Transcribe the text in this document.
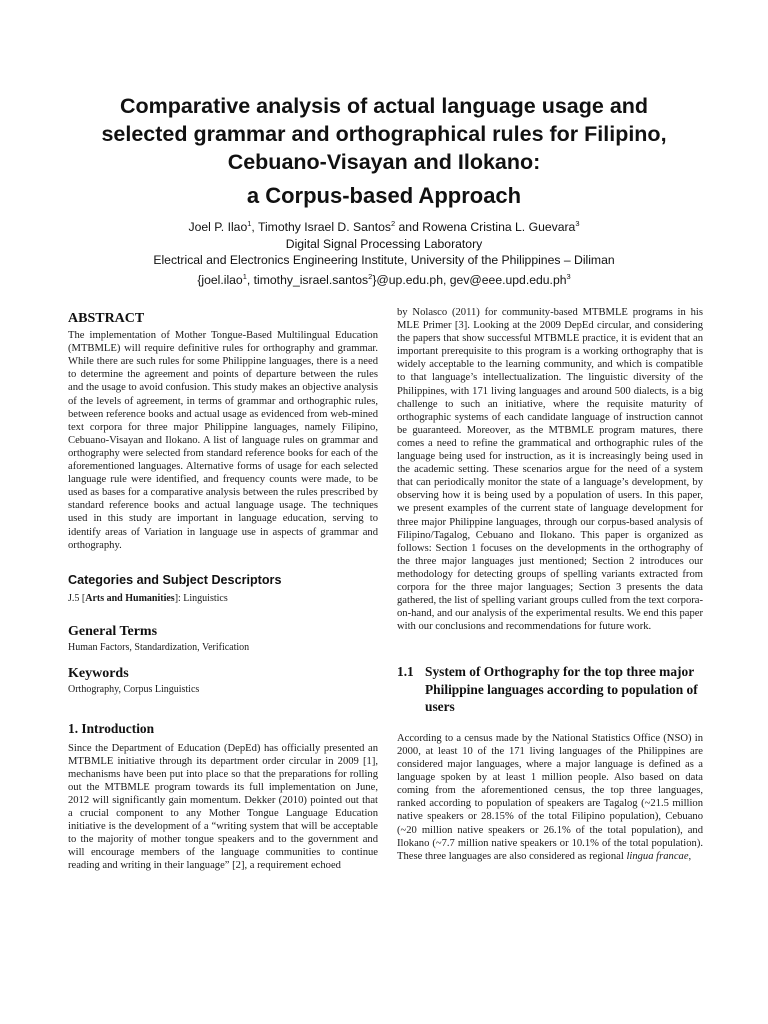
Comparative analysis of actual language usage and
selected grammar and orthographical rules for Filipino,
Cebuano-Visayan and Ilokano:
a Corpus-based Approach
Joel P. Ilao$^1$, Timothy Israel D. Santos$^2$ and Rowena Cristina L. Guevara$^3$
Digital Signal Processing Laboratory
Electrical and Electronics Engineering Institute, University of the Philippines – Diliman
{joel.ilao$^1$, timothy_israel.santos$^2$}@up.edu.ph, $gev@eee.upd.edu.ph^3$
ABSTRACT

The implementation of Mother Tongue-Based Multilingual Education (MTBMLE) will require definitive rules for orthography and grammar. While there are such rules for some Philippine languages, there is a need to determine the agreement and points of departure between the rules and the usage to avoid confusion. This study makes an objective analysis of the levels of agreement, in terms of grammar and orthographic rules, between reference books and actual usage as evidenced from web-mined text corpora for three major Philippine languages, namely Filipino, Cebuano-Visayan and Ilokano. A list of language rules on grammar and orthography were selected from standard reference books for each of the aforementioned languages. Alternative forms of usage for each selected language rule were identified, and frequency counts were made, to be used as bases for a comparative analysis between the rules prescribed by standard reference books and actual language usage. The techniques used in this study are important in language education, serving to identify areas of Variation in language use in aspects of grammar and orthography.

Categories and Subject Descriptors

J.5 [Arts and Humanities]: Linguistics

General Terms

Human Factors, Standardization, Verification

Keywords

Orthography, Corpus Linguistics

1. Introduction

Since the Department of Education (DepEd) has officially presented an MTBMLE initiative through its department order circular in 2009 [1], mechanisms have been put into place so that the preparations for rolling out the MTBMLE program towards its full implementation on June, 2012 will significantly gain momentum. Dekker (2010) pointed out that a crucial component to any Mother Tongue Language Education initiative is the development of a “writing system that will be acceptable to the majority of mother tongue speakers and to the government and will encourage members of the language communities to continue reading and writing in their language” [2], a requirement echoed

by Nolasco (2011) for community-based MTBMLE programs in his MLE Primer [3]. Looking at the 2009 DepEd circular, and considering the papers that show successful MTBMLE practice, it is evident that an important prerequisite to this program is a working orthography that is widely acceptable to the learning community, and which is compatible to that language’s intellectualization. The linguistic diversity of the Philippines, with 171 living languages and around 500 dialects, is a big challenge to such an initiative, where the requisite maturity of orthographic systems of each candidate language of instruction cannot be guaranteed. Moreover, as the MTBMLE program matures, there comes a need to refine the grammatical and orthographic rules of the language being used for instruction, as it is increasingly being used in the academic setting. These scenarios argue for the need of a system that can periodically monitor the state of a language’s development, by observing how it is being used by a population of users. In this paper, we present examples of the current state of language development for three major Philippine languages, through our corpus-based analysis of Filipino/Tagalog, Cebuano and Ilokano. This paper is organized as follows: Section 1 focuses on the developments in the orthography of the three major languages just mentioned; Section 2 introduces our methodology for detecting groups of spelling variants extracted from corpora for the three major languages; Section 3 presents the data gathered, the list of spelling variant groups culled from the text corpora-on-hand, and our analysis of the experimental results. We end this paper with our conclusions and recommendations for future work.

1.1 System of Orthography for the top three major Philippine languages according to population of users

According to a census made by the National Statistics Office (NSO) in 2000, at least 10 of the 171 living languages of the Philippines are considered major languages, where a major language is defined as a language spoken by at least 1 million people. Also based on data coming from the aforementioned census, the top three languages, ranked according to population of speakers are Tagalog (~21.5 million native speakers or 28.15% of the total Filipino population), Cebuano (~20 million native speakers or 26.1% of the total population), and Ilokano (~7.7 million native speakers or 10.1% of the total population). These three languages are also considered as regional lingua francae,
